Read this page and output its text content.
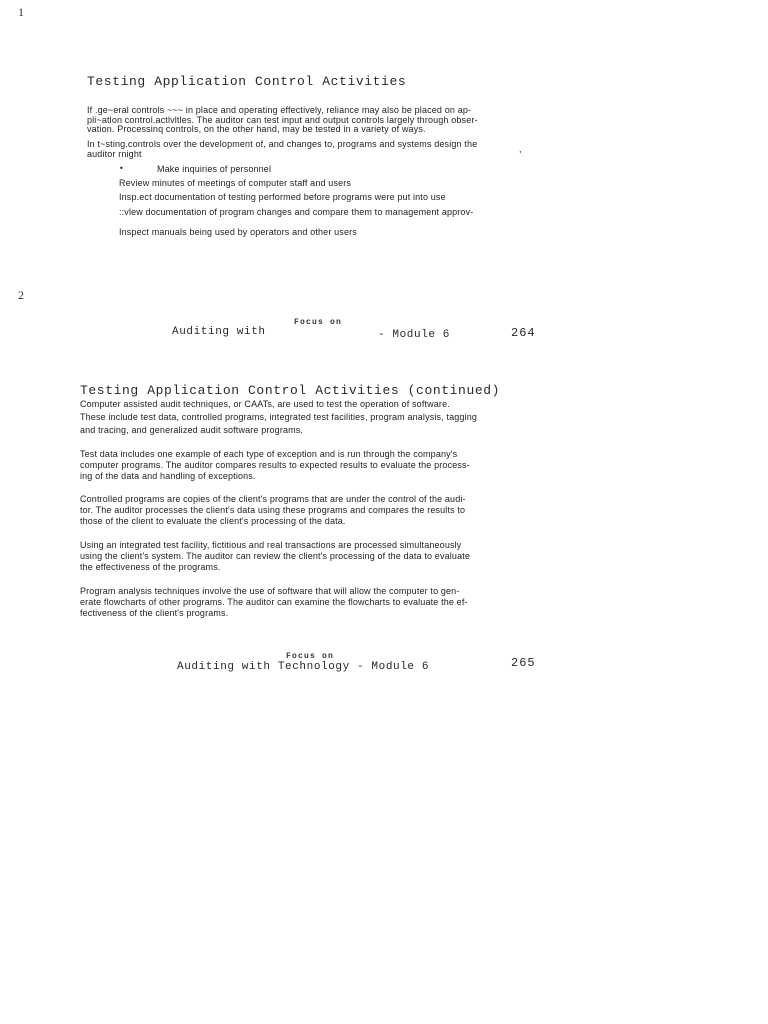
1
Testing Application Control Activities
If .ge~eral controls ~~~ in place and operating effectively, reliance may also be placed on ap-
pli~atlon control.actlvltles. The auditor can test input and output controls largely through obser-
vation. Processinq controls, on the other hand, may be tested in a variety of ways.
In t~sting.controls over the development of, and changes to, programs and systems design the
auditor rnight	,
•	Make inquiries of personnel
Review minutes of meetings of computer staff and users
Insp.ect documentation of testing performed before programs were put into use
::vlew documentation of program changes and compare them to management approv-
Inspect manuals being used by operators and other users
Focus on
Auditing with	- Module 6	264
2
Testing Application Control Activities (continued)
Computer assisted audit techniques, or CAATs, are used to test the operation of software.
These include test data, controlled programs, integrated test facilities, program analysis, tagging
and tracing, and generalized audit software programs.
Test data includes one example of each type of exception and is run through the company's
computer programs. The auditor compares results to expected results to evaluate the process-
ing of the data and handling of exceptions.
Controlled programs are copies of the client's programs that are under the control of the audi-
tor. The auditor processes the client's data using these programs and compares the results to
those of the client to evaluate the client's processing of the data.
Using an integrated test facility, fictitious and real transactions are processed simultaneously
using the client's system. The auditor can review the client's processing of the data to evaluate
the effectiveness of the programs.
Program analysis techniques involve the use of software that will allow the computer to gen-
erate flowcharts of other programs. The auditor can examine the flowcharts to evaluate the ef-
fectiveness of the client's programs.
Focus on
Auditing with Technology - Module 6	265
